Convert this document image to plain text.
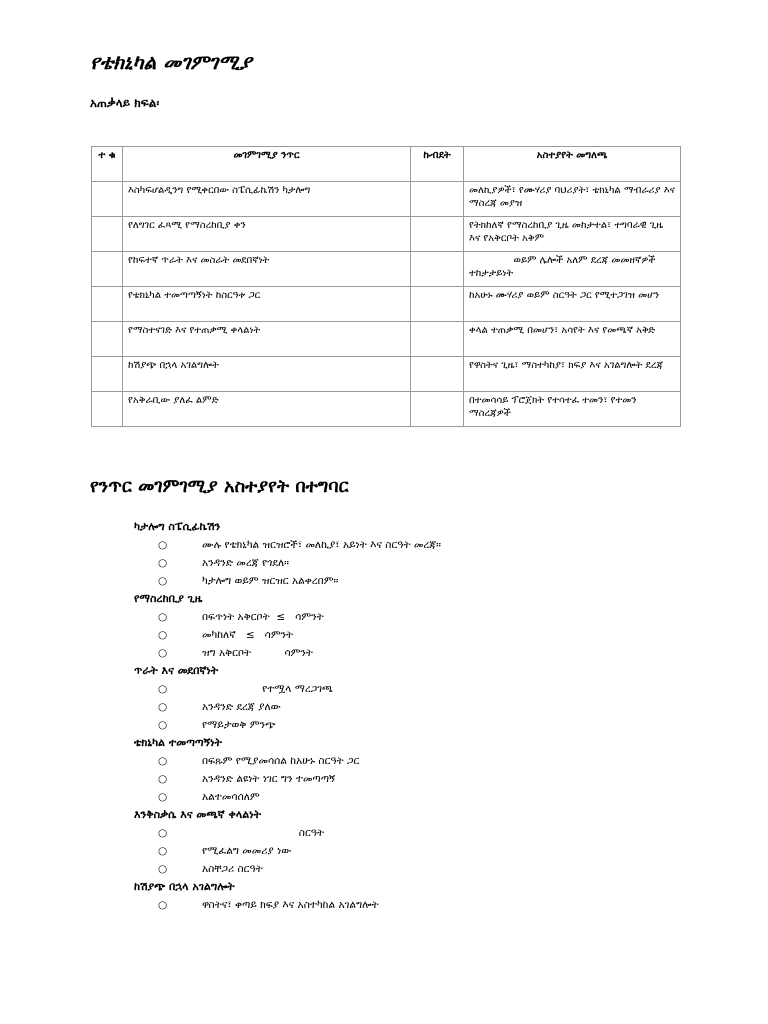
የቴክኒካል መገምገሚያ
አጠቃላይ ክፍል፡
ተ ቁ	መገምገሚያ ንጥር	ኩብደት	አስተያየት መግለጫ
	እስካፍሆልዲንግ የሚቀርበው ስፔሲፊኬሽን ካታሎግ		መለኪያዎች፣ የሙሃሪያ ባህሪያት፣ ቴክኒካል ማብራሪያ እና ማስረጃ መያዝ
	የለግገር ፈጻሚ የማስረከቢያ ቀን		የትክከለኛ የማስረከቢያ ጊዜ መከታተል፣ ተግባራዊ ጊዜ እና የአቅርቦት አቅም
	የከፍተኛ ጥራት እና መስራት መደበኛነት		ወይም ሌሎች አለም ደረጃ መመዘኛዎች ተከታታይነት
	የቴክኒካል ተመጣጣኝነት ከስርዓቱ ጋር		ከአሁኑ ሙሃሪያ ወይም ስርዓት ጋር የሚተጋገዝ መሆን
	የማስተናገድ እና የተጠቃሚ ቀላልነት		ቀላል ተጠቃሚ በመሆን፣ አሳየት እና የመጫኛ አቅድ
	ከሽያጭ በኋላ አገልግሎት		የዋስትና ጊዜ፣ ማስተካከያ፣ ክፍያ እና አገልግሎት ደረጃ
	የአቅራቢው ያለፈ ልምድ		በተመሳሳይ ፕሮጀክት የተሳተፈ ተመን፣ የተመን ማስረጃዎች
የንጥር መገምገሚያ አስተያየት በተግባር
ካታሎግ ስፔሲፊኬሽን
○	ሙሉ የቴክኒካል ዝርዝሮች፣ መለኪያ፣ አይነት እና ስርዓት መረጃ።
○	አንዳንድ መረጃ የጎደለ።
○	ካታሎግ ወይም ዝርዝር አልቀረበም።
የማስረከቢያ ጊዜ
○	በፍጥነት አቅርቦት  ≤   ሳምንት
○	መካከለኛ   ≤   ሳምንት
○	ዝግ አቅርቦት          ሳምንት
ጥራት እና መደበኛነት
○	የተሟላ ማረጋገጫ
○	አንዳንድ ደረጃ ያለው
○	የማይታወቅ ምንጭ
ቴክኒካል ተመጣጣኝነት
○	በፍጹም የሚያመሳሰል ከአሁኑ ስርዓት ጋር
○	አንዳንድ ልዩነት ነገር ግን ተመጣጣኝ
○	አልተመሳሰለም
እንቅስቃሴ እና መጫኛ ቀላልነት
○	ስርዓት
○	የሚፈልግ መመሪያ ነው
○	አስቸጋሪ ስርዓት
ከሽያጭ በኋላ አገልግሎት
○	ዋስትና፣ ቀጣይ ክፍያ እና አስተካከል አገልግሎት
